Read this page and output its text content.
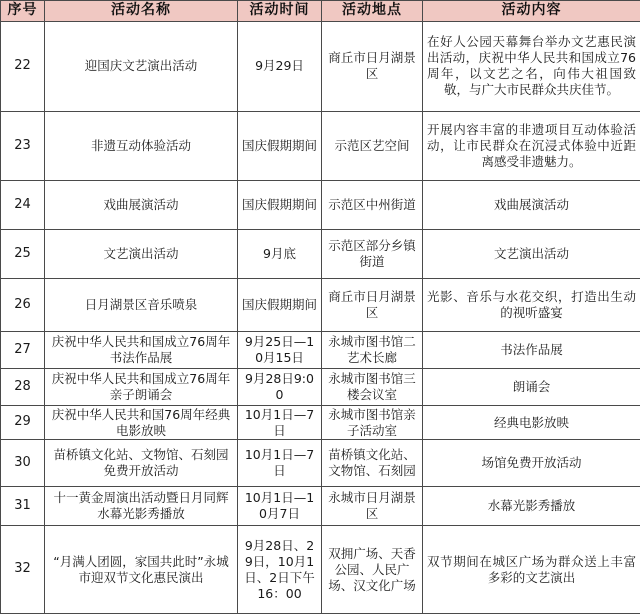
序号	活动名称	活动时间	活动地点	活动内容
22	迎国庆文艺演出活动	9月29日	商丘市日月湖景区	在好人公园天幕舞台举办文艺惠民演出活动，庆祝中华人民共和国成立76周年，以文艺之名，向伟大祖国致敬，与广大市民群众共庆佳节。
23	非遗互动体验活动	国庆假期期间	示范区艺空间	开展内容丰富的非遗项目互动体验活动，让市民群众在沉浸式体验中近距离感受非遗魅力。
24	戏曲展演活动	国庆假期期间	示范区中州街道	戏曲展演活动
25	文艺演出活动	9月底	示范区部分乡镇街道	文艺演出活动
26	日月湖景区音乐喷泉	国庆假期期间	商丘市日月湖景区	光影、音乐与水花交织，打造出生动的视听盛宴
27	庆祝中华人民共和国成立76周年书法作品展	9月25日—10月15日	永城市图书馆二艺术长廊	书法作品展
28	庆祝中华人民共和国成立76周年亲子朗诵会	9月28日9:00	永城市图书馆三楼会议室	朗诵会
29	庆祝中华人民共和国76周年经典电影放映	10月1日—7日	永城市图书馆亲子活动室	经典电影放映
30	苗桥镇文化站、文物馆、石刻园免费开放活动	10月1日—7日	苗桥镇文化站、文物馆、石刻园	场馆免费开放活动
31	十一黄金周演出活动暨日月同辉水幕光影秀播放	10月1日—10月7日	永城市日月湖景区	水幕光影秀播放
32	“月满人团圆，家国共此时”永城市迎双节文化惠民演出	9月28日、29日，10月1日、2日下午16：00	双拥广场、天香公园、人民广场、汉文化广场	双节期间在城区广场为群众送上丰富多彩的文艺演出
